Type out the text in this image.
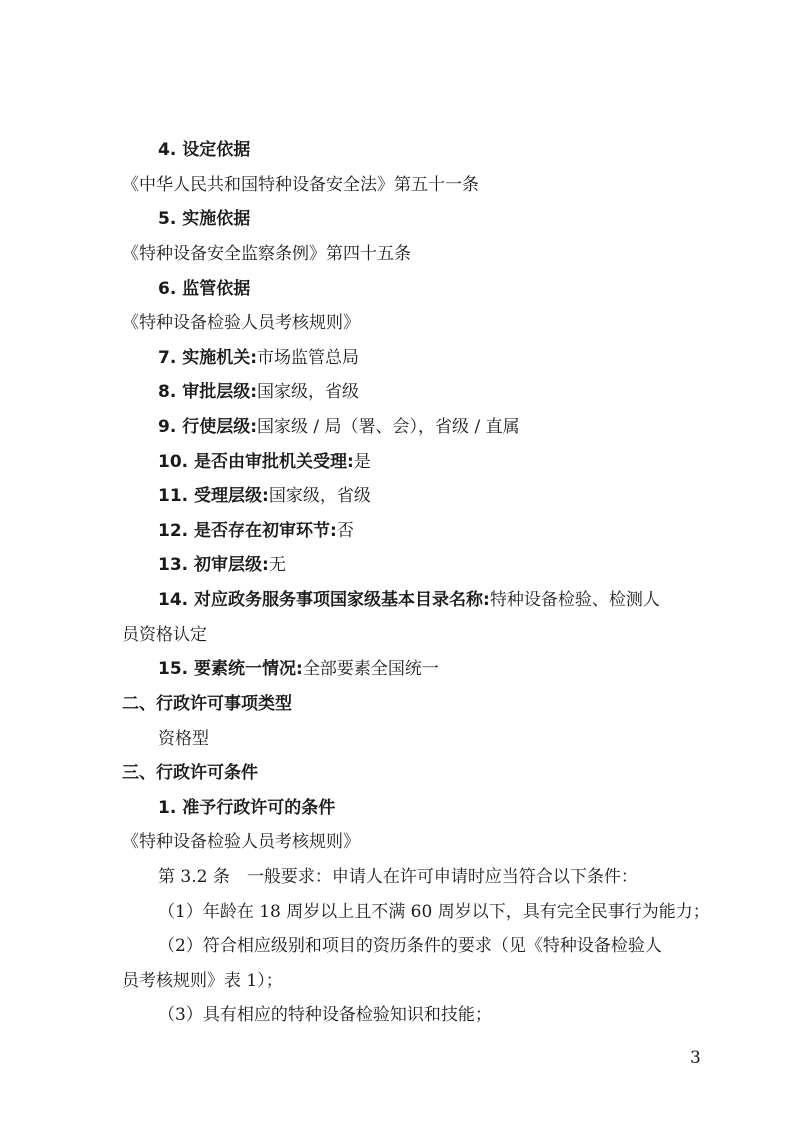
4. 设定依据
《中华人民共和国特种设备安全法》第五十一条
5. 实施依据
《特种设备安全监察条例》第四十五条
6. 监管依据
《特种设备检验人员考核规则》
7. 实施机关:市场监管总局
8. 审批层级:国家级，省级
9. 行使层级:国家级 / 局（署、会），省级 / 直属
10. 是否由审批机关受理:是
11. 受理层级:国家级，省级
12. 是否存在初审环节:否
13. 初审层级:无
14. 对应政务服务事项国家级基本目录名称:特种设备检验、检测人
员资格认定
15. 要素统一情况:全部要素全国统一
二、行政许可事项类型
资格型
三、行政许可条件
1. 准予行政许可的条件
《特种设备检验人员考核规则》
第 3.2 条　一般要求：申请人在许可申请时应当符合以下条件：
（1）年龄在 18 周岁以上且不满 60 周岁以下，具有完全民事行为能力；
（2）符合相应级别和项目的资历条件的要求（见《特种设备检验人
员考核规则》表 1）；
（3）具有相应的特种设备检验知识和技能；
3
